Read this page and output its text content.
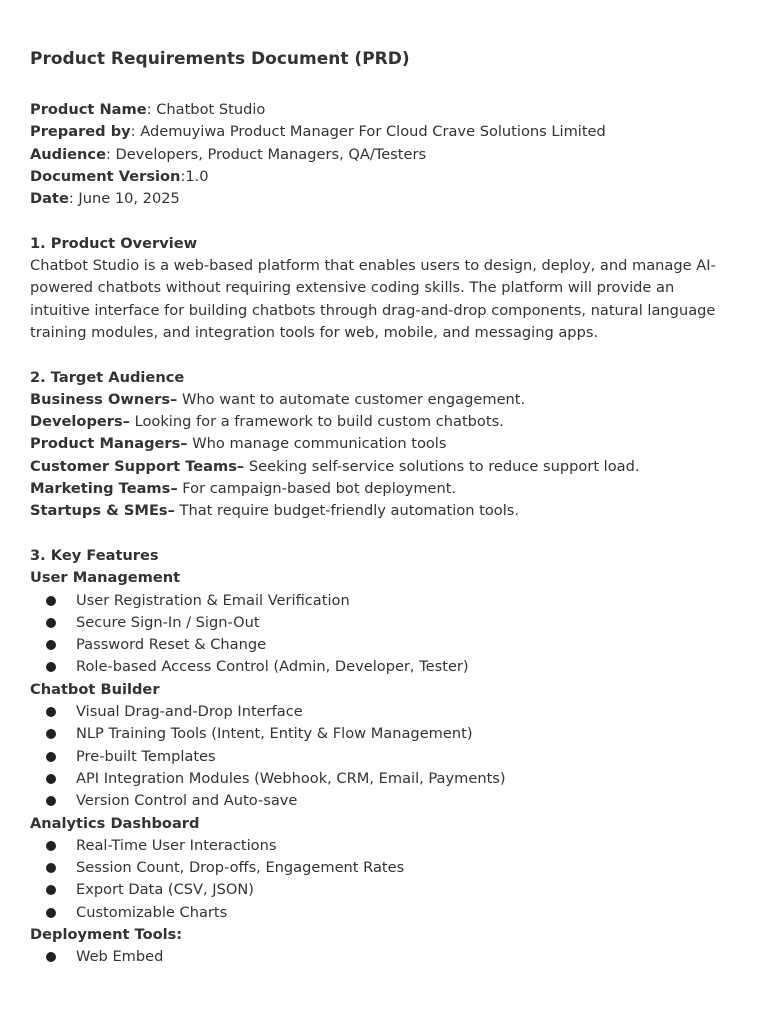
Product Requirements Document (PRD)

Product Name: Chatbot Studio

Prepared by: Ademuyiwa Product Manager For Cloud Crave Solutions Limited

Audience: Developers, Product Managers, QA/Testers

Document Version:1.0

Date: June 10, 2025

1. Product Overview

Chatbot Studio is a web-based platform that enables users to design, deploy, and manage AI-powered chatbots without requiring extensive coding skills. The platform will provide an intuitive interface for building chatbots through drag-and-drop components, natural language training modules, and integration tools for web, mobile, and messaging apps.

2. Target Audience

Business Owners– Who want to automate customer engagement.

Developers– Looking for a framework to build custom chatbots.

Product Managers– Who manage communication tools

Customer Support Teams– Seeking self-service solutions to reduce support load.

Marketing Teams– For campaign-based bot deployment.

Startups & SMEs– That require budget-friendly automation tools.

3. Key Features

User Management

User Registration & Email Verification
Secure Sign-In / Sign-Out
Password Reset & Change
Role-based Access Control (Admin, Developer, Tester)

Chatbot Builder

Visual Drag-and-Drop Interface
NLP Training Tools (Intent, Entity & Flow Management)
Pre-built Templates
API Integration Modules (Webhook, CRM, Email, Payments)
Version Control and Auto-save

Analytics Dashboard

Real-Time User Interactions
Session Count, Drop-offs, Engagement Rates
Export Data (CSV, JSON)
Customizable Charts

Deployment Tools:

Web Embed
